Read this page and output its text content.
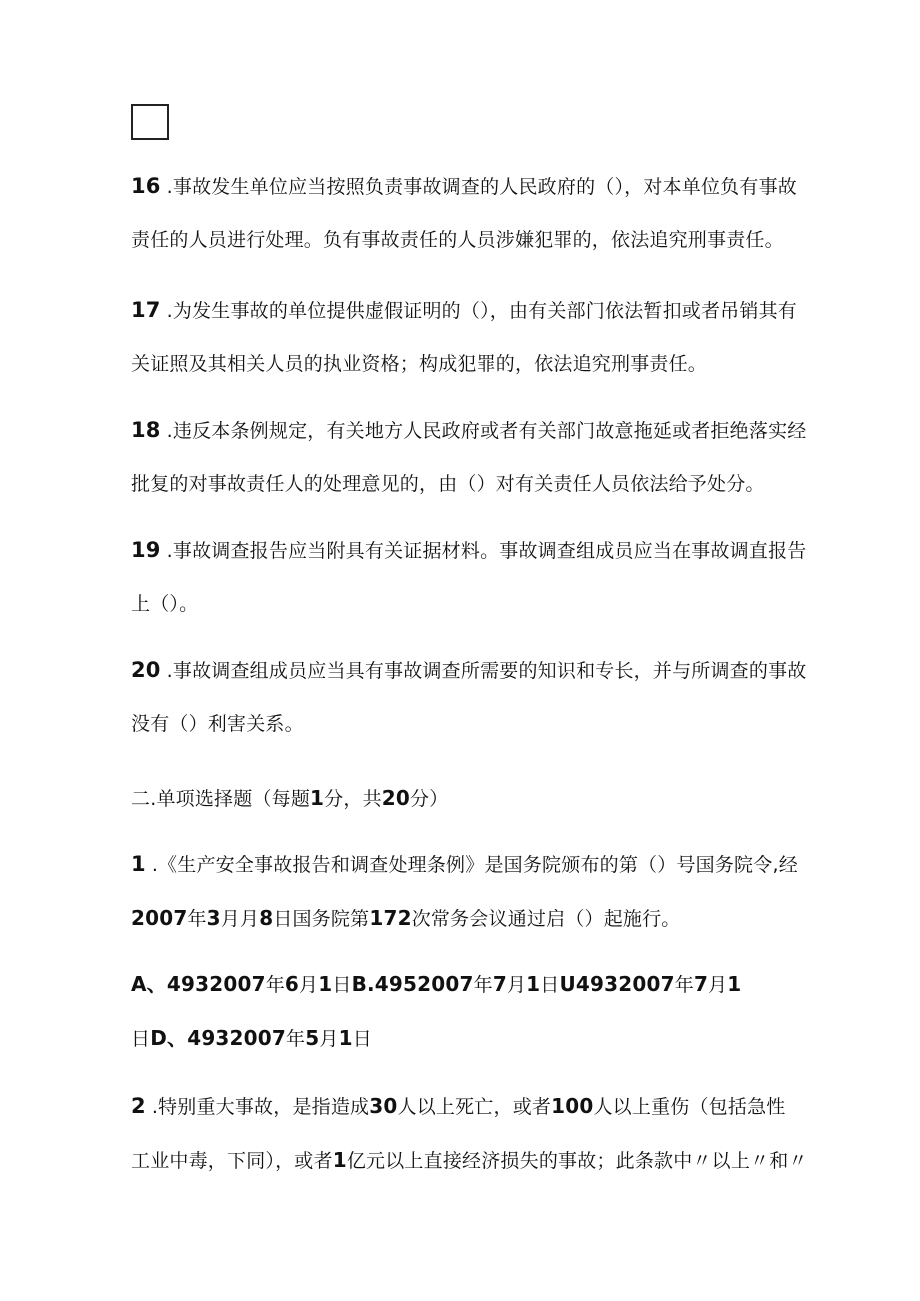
16 .事故发生单位应当按照负责事故调查的人民政府的（），对本单位负有事故
责任的人员进行处理。负有事故责任的人员涉嫌犯罪的，依法追究刑事责任。
17 .为发生事故的单位提供虚假证明的（），由有关部门依法暂扣或者吊销其有
关证照及其相关人员的执业资格；构成犯罪的，依法追究刑事责任。
18 .违反本条例规定，有关地方人民政府或者有关部门故意拖延或者拒绝落实经
批复的对事故责任人的处理意见的，由（）对有关责任人员依法给予处分。
19 .事故调查报告应当附具有关证据材料。事故调查组成员应当在事故调直报告
上（）。
20 .事故调查组成员应当具有事故调查所需要的知识和专长，并与所调查的事故
没有（）利害关系。
二.单项选择题（每题1分，共20分）
1 .《生产安全事故报告和调查处理条例》是国务院颁布的第（）号国务院令,经
2007年3月月8日国务院第172次常务会议通过启（）起施行。
A、4932007年6月1日B.4952007年7月1日U4932007年7月1
日D、4932007年5月1日
2 .特别重大事故，是指造成30人以上死亡，或者100人以上重伤（包括急性
工业中毒，下同），或者1亿元以上直接经济损失的事故；此条款中〃以上〃和〃
